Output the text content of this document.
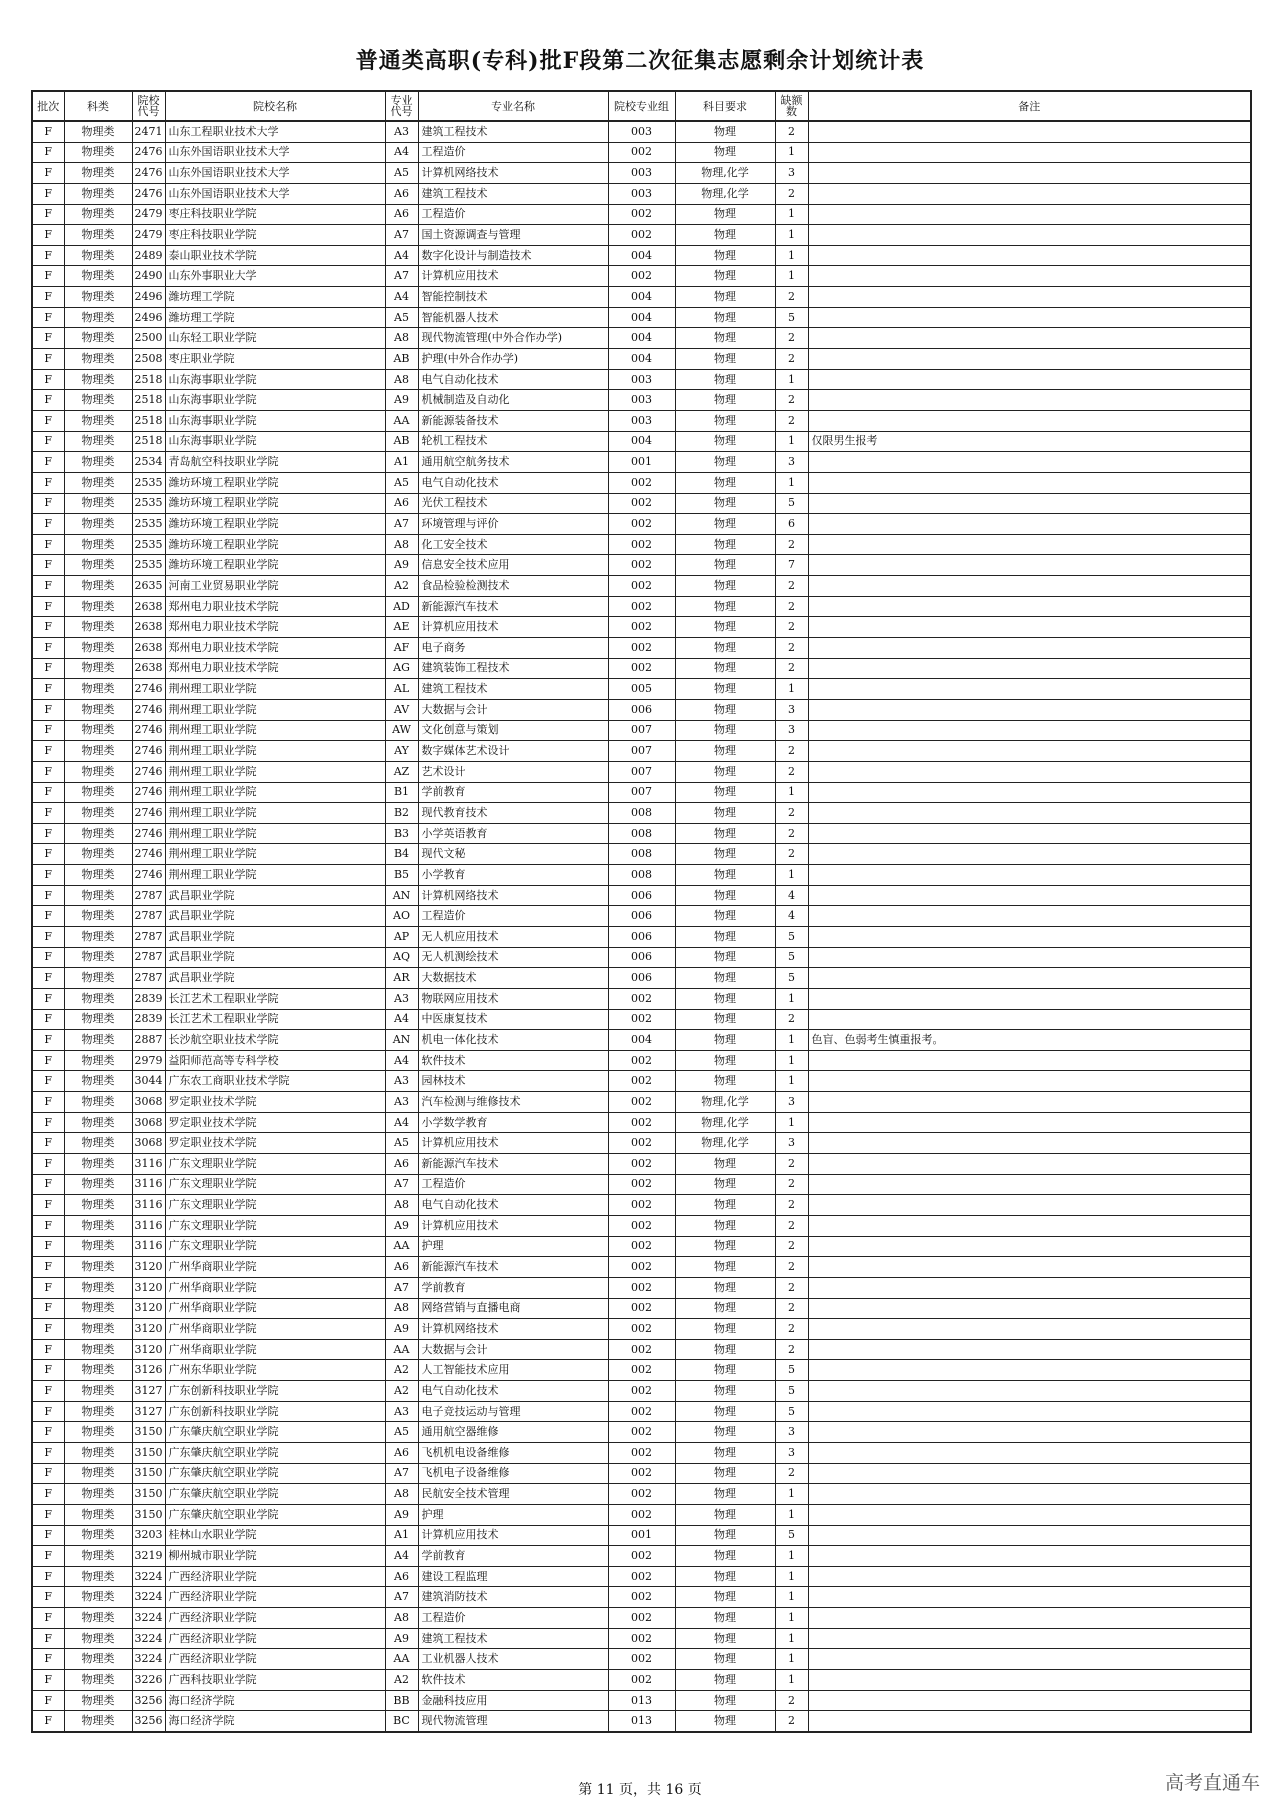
普通类高职(专科)批F段第二次征集志愿剩余计划统计表
批次	科类	院校代号	院校名称	专业代号	专业名称	院校专业组	科目要求	缺额数	备注
F	物理类	2471	山东工程职业技术大学	A3	建筑工程技术	003	物理	2	
F	物理类	2476	山东外国语职业技术大学	A4	工程造价	002	物理	1	
F	物理类	2476	山东外国语职业技术大学	A5	计算机网络技术	003	物理,化学	3	
F	物理类	2476	山东外国语职业技术大学	A6	建筑工程技术	003	物理,化学	2	
F	物理类	2479	枣庄科技职业学院	A6	工程造价	002	物理	1	
F	物理类	2479	枣庄科技职业学院	A7	国土资源调查与管理	002	物理	1	
F	物理类	2489	泰山职业技术学院	A4	数字化设计与制造技术	004	物理	1	
F	物理类	2490	山东外事职业大学	A7	计算机应用技术	002	物理	1	
F	物理类	2496	潍坊理工学院	A4	智能控制技术	004	物理	2	
F	物理类	2496	潍坊理工学院	A5	智能机器人技术	004	物理	5	
F	物理类	2500	山东轻工职业学院	A8	现代物流管理(中外合作办学)	004	物理	2	
F	物理类	2508	枣庄职业学院	AB	护理(中外合作办学)	004	物理	2	
F	物理类	2518	山东海事职业学院	A8	电气自动化技术	003	物理	1	
F	物理类	2518	山东海事职业学院	A9	机械制造及自动化	003	物理	2	
F	物理类	2518	山东海事职业学院	AA	新能源装备技术	003	物理	2	
F	物理类	2518	山东海事职业学院	AB	轮机工程技术	004	物理	1	仅限男生报考
F	物理类	2534	青岛航空科技职业学院	A1	通用航空航务技术	001	物理	3	
F	物理类	2535	潍坊环境工程职业学院	A5	电气自动化技术	002	物理	1	
F	物理类	2535	潍坊环境工程职业学院	A6	光伏工程技术	002	物理	5	
F	物理类	2535	潍坊环境工程职业学院	A7	环境管理与评价	002	物理	6	
F	物理类	2535	潍坊环境工程职业学院	A8	化工安全技术	002	物理	2	
F	物理类	2535	潍坊环境工程职业学院	A9	信息安全技术应用	002	物理	7	
F	物理类	2635	河南工业贸易职业学院	A2	食品检验检测技术	002	物理	2	
F	物理类	2638	郑州电力职业技术学院	AD	新能源汽车技术	002	物理	2	
F	物理类	2638	郑州电力职业技术学院	AE	计算机应用技术	002	物理	2	
F	物理类	2638	郑州电力职业技术学院	AF	电子商务	002	物理	2	
F	物理类	2638	郑州电力职业技术学院	AG	建筑装饰工程技术	002	物理	2	
F	物理类	2746	荆州理工职业学院	AL	建筑工程技术	005	物理	1	
F	物理类	2746	荆州理工职业学院	AV	大数据与会计	006	物理	3	
F	物理类	2746	荆州理工职业学院	AW	文化创意与策划	007	物理	3	
F	物理类	2746	荆州理工职业学院	AY	数字媒体艺术设计	007	物理	2	
F	物理类	2746	荆州理工职业学院	AZ	艺术设计	007	物理	2	
F	物理类	2746	荆州理工职业学院	B1	学前教育	007	物理	1	
F	物理类	2746	荆州理工职业学院	B2	现代教育技术	008	物理	2	
F	物理类	2746	荆州理工职业学院	B3	小学英语教育	008	物理	2	
F	物理类	2746	荆州理工职业学院	B4	现代文秘	008	物理	2	
F	物理类	2746	荆州理工职业学院	B5	小学教育	008	物理	1	
F	物理类	2787	武昌职业学院	AN	计算机网络技术	006	物理	4	
F	物理类	2787	武昌职业学院	AO	工程造价	006	物理	4	
F	物理类	2787	武昌职业学院	AP	无人机应用技术	006	物理	5	
F	物理类	2787	武昌职业学院	AQ	无人机测绘技术	006	物理	5	
F	物理类	2787	武昌职业学院	AR	大数据技术	006	物理	5	
F	物理类	2839	长江艺术工程职业学院	A3	物联网应用技术	002	物理	1	
F	物理类	2839	长江艺术工程职业学院	A4	中医康复技术	002	物理	2	
F	物理类	2887	长沙航空职业技术学院	AN	机电一体化技术	004	物理	1	色盲、色弱考生慎重报考。
F	物理类	2979	益阳师范高等专科学校	A4	软件技术	002	物理	1	
F	物理类	3044	广东农工商职业技术学院	A3	园林技术	002	物理	1	
F	物理类	3068	罗定职业技术学院	A3	汽车检测与维修技术	002	物理,化学	3	
F	物理类	3068	罗定职业技术学院	A4	小学数学教育	002	物理,化学	1	
F	物理类	3068	罗定职业技术学院	A5	计算机应用技术	002	物理,化学	3	
F	物理类	3116	广东文理职业学院	A6	新能源汽车技术	002	物理	2	
F	物理类	3116	广东文理职业学院	A7	工程造价	002	物理	2	
F	物理类	3116	广东文理职业学院	A8	电气自动化技术	002	物理	2	
F	物理类	3116	广东文理职业学院	A9	计算机应用技术	002	物理	2	
F	物理类	3116	广东文理职业学院	AA	护理	002	物理	2	
F	物理类	3120	广州华商职业学院	A6	新能源汽车技术	002	物理	2	
F	物理类	3120	广州华商职业学院	A7	学前教育	002	物理	2	
F	物理类	3120	广州华商职业学院	A8	网络营销与直播电商	002	物理	2	
F	物理类	3120	广州华商职业学院	A9	计算机网络技术	002	物理	2	
F	物理类	3120	广州华商职业学院	AA	大数据与会计	002	物理	2	
F	物理类	3126	广州东华职业学院	A2	人工智能技术应用	002	物理	5	
F	物理类	3127	广东创新科技职业学院	A2	电气自动化技术	002	物理	5	
F	物理类	3127	广东创新科技职业学院	A3	电子竞技运动与管理	002	物理	5	
F	物理类	3150	广东肇庆航空职业学院	A5	通用航空器维修	002	物理	3	
F	物理类	3150	广东肇庆航空职业学院	A6	飞机机电设备维修	002	物理	3	
F	物理类	3150	广东肇庆航空职业学院	A7	飞机电子设备维修	002	物理	2	
F	物理类	3150	广东肇庆航空职业学院	A8	民航安全技术管理	002	物理	1	
F	物理类	3150	广东肇庆航空职业学院	A9	护理	002	物理	1	
F	物理类	3203	桂林山水职业学院	A1	计算机应用技术	001	物理	5	
F	物理类	3219	柳州城市职业学院	A4	学前教育	002	物理	1	
F	物理类	3224	广西经济职业学院	A6	建设工程监理	002	物理	1	
F	物理类	3224	广西经济职业学院	A7	建筑消防技术	002	物理	1	
F	物理类	3224	广西经济职业学院	A8	工程造价	002	物理	1	
F	物理类	3224	广西经济职业学院	A9	建筑工程技术	002	物理	1	
F	物理类	3224	广西经济职业学院	AA	工业机器人技术	002	物理	1	
F	物理类	3226	广西科技职业学院	A2	软件技术	002	物理	1	
F	物理类	3256	海口经济学院	BB	金融科技应用	013	物理	2	
F	物理类	3256	海口经济学院	BC	现代物流管理	013	物理	2	
第 11 页，共 16 页	高考直通车
